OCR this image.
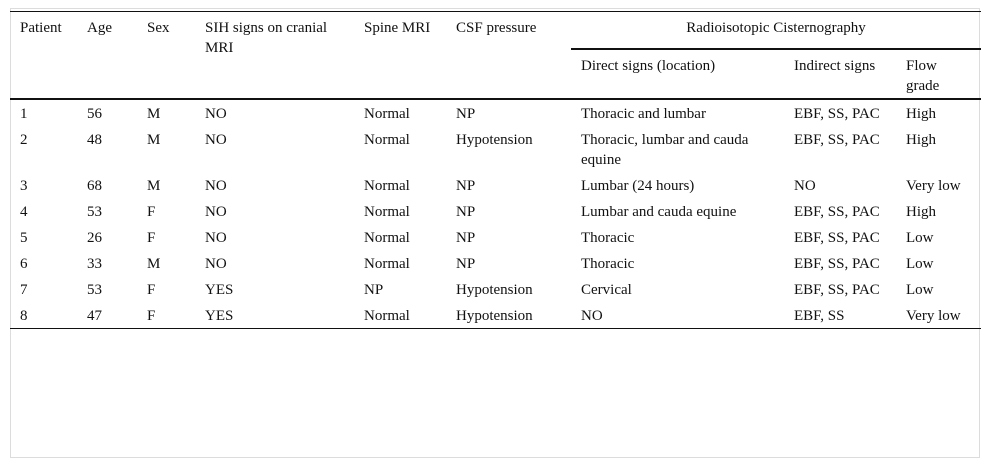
Patient	Age	Sex	SIH signs on cranial MRI	Spine MRI	CSF pressure	Radioisotopic Cisternography		
						Direct signs (location)	Indirect signs	Flow grade
1	56	M	NO	Normal	NP	Thoracic and lumbar	EBF, SS, PAC	High
2	48	M	NO	Normal	Hypotension	Thoracic, lumbar and cauda equine	EBF, SS, PAC	High
3	68	M	NO	Normal	NP	Lumbar (24 hours)	NO	Very low
4	53	F	NO	Normal	NP	Lumbar and cauda equine	EBF, SS, PAC	High
5	26	F	NO	Normal	NP	Thoracic	EBF, SS, PAC	Low
6	33	M	NO	Normal	NP	Thoracic	EBF, SS, PAC	Low
7	53	F	YES	NP	Hypotension	Cervical	EBF, SS, PAC	Low
8	47	F	YES	Normal	Hypotension	NO	EBF, SS	Very low
